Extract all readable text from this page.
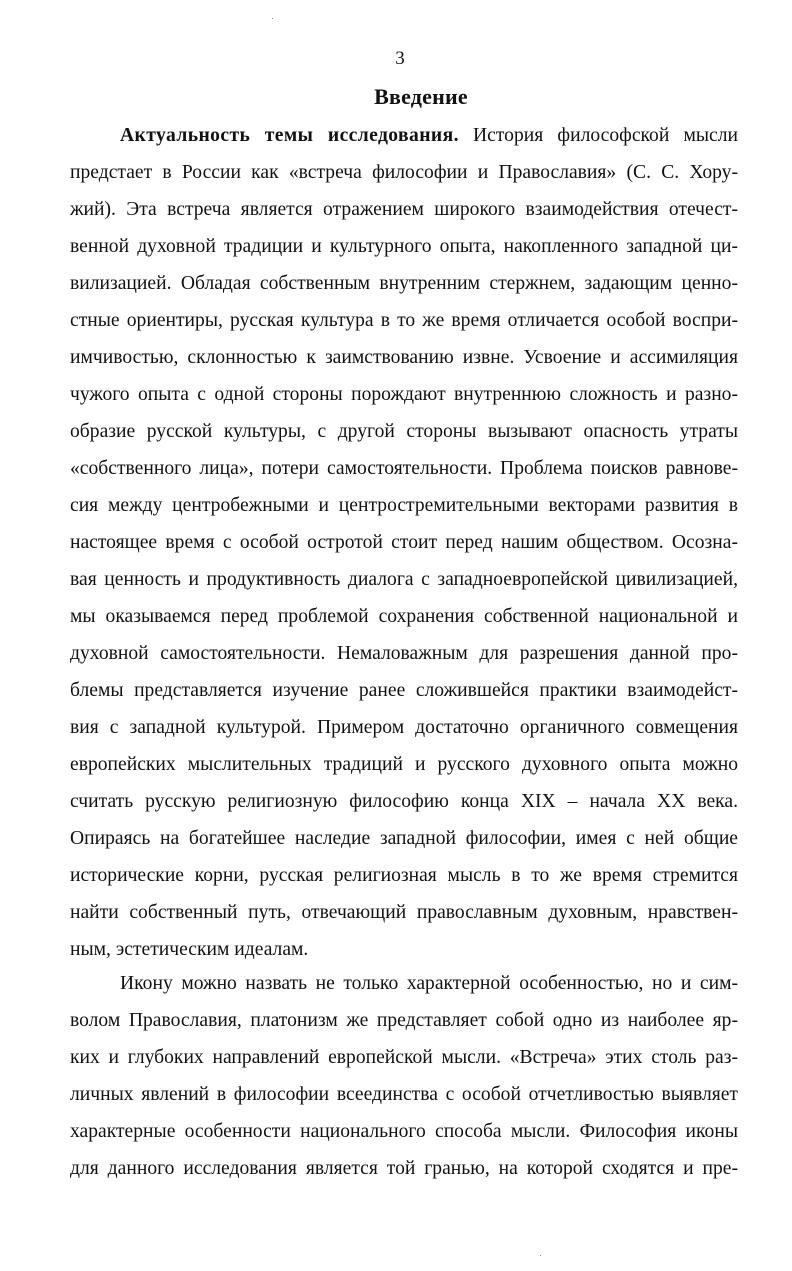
3
Введение
Актуальность темы исследования. История философской мысли
предстает в России как «встреча философии и Православия» (С. С. Хору-
жий). Эта встреча является отражением широкого взаимодействия отечест-
венной духовной традиции и культурного опыта, накопленного западной ци-
вилизацией. Обладая собственным внутренним стержнем, задающим ценно-
стные ориентиры, русская культура в то же время отличается особой воспри-
имчивостью, склонностью к заимствованию извне. Усвоение и ассимиляция
чужого опыта с одной стороны порождают внутреннюю сложность и разно-
образие русской культуры, с другой стороны вызывают опасность утраты
«собственного лица», потери самостоятельности. Проблема поисков равнове-
сия между центробежными и центростремительными векторами развития в
настоящее время с особой остротой стоит перед нашим обществом. Осозна-
вая ценность и продуктивность диалога с западноевропейской цивилизацией,
мы оказываемся перед проблемой сохранения собственной национальной и
духовной самостоятельности. Немаловажным для разрешения данной про-
блемы представляется изучение ранее сложившейся практики взаимодейст-
вия с западной культурой. Примером достаточно органичного совмещения
европейских мыслительных традиций и русского духовного опыта можно
считать русскую религиозную философию конца XIX – начала XX века.
Опираясь на богатейшее наследие западной философии, имея с ней общие
исторические корни, русская религиозная мысль в то же время стремится
найти собственный путь, отвечающий православным духовным, нравствен-
ным, эстетическим идеалам.
Икону можно назвать не только характерной особенностью, но и сим-
волом Православия, платонизм же представляет собой одно из наиболее яр-
ких и глубоких направлений европейской мысли. «Встреча» этих столь раз-
личных явлений в философии всеединства с особой отчетливостью выявляет
характерные особенности национального способа мысли. Философия иконы
для данного исследования является той гранью, на которой сходятся и пре-
